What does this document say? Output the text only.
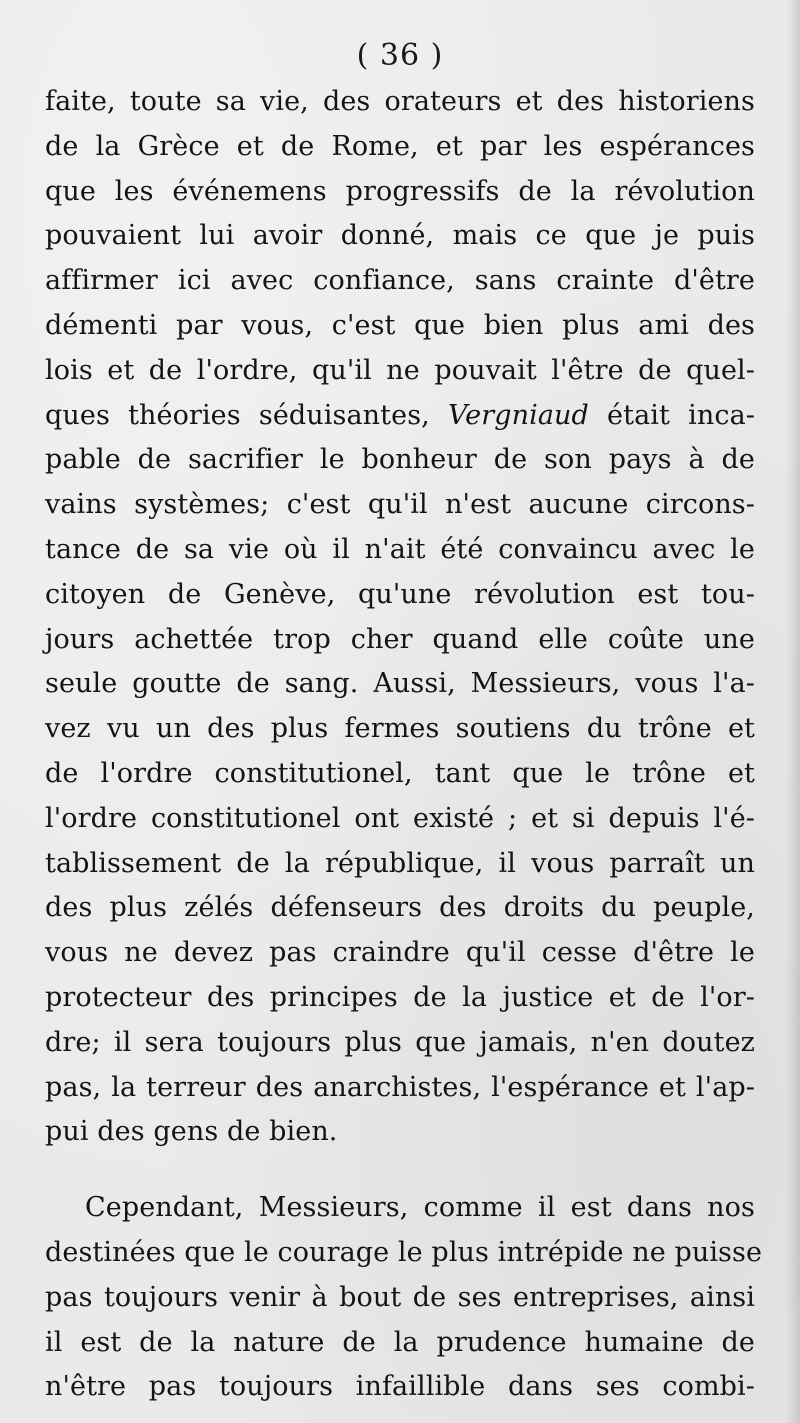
( 36 )
faite, toute sa vie, des orateurs et des historiens
de la Grèce et de Rome, et par les espérances
que les événemens progressifs de la révolution
pouvaient lui avoir donné, mais ce que je puis
affirmer ici avec confiance, sans crainte d'être
démenti par vous, c'est que bien plus ami des
lois et de l'ordre, qu'il ne pouvait l'être de quel-
ques théories séduisantes, Vergniaud était inca-
pable de sacrifier le bonheur de son pays à de
vains systèmes; c'est qu'il n'est aucune circons-
tance de sa vie où il n'ait été convaincu avec le
citoyen de Genève, qu'une révolution est tou-
jours achettée trop cher quand elle coûte une
seule goutte de sang. Aussi, Messieurs, vous l'a-
vez vu un des plus fermes soutiens du trône et
de l'ordre constitutionel, tant que le trône et
l'ordre constitutionel ont existé ; et si depuis l'é-
tablissement de la république, il vous parraît un
des plus zélés défenseurs des droits du peuple,
vous ne devez pas craindre qu'il cesse d'être le
protecteur des principes de la justice et de l'or-
dre; il sera toujours plus que jamais, n'en doutez
pas, la terreur des anarchistes, l'espérance et l'ap-
pui des gens de bien.
Cependant, Messieurs, comme il est dans nos
destinées que le courage le plus intrépide ne puisse
pas toujours venir à bout de ses entreprises, ainsi
il est de la nature de la prudence humaine de
n'être pas toujours infaillible dans ses combi-
